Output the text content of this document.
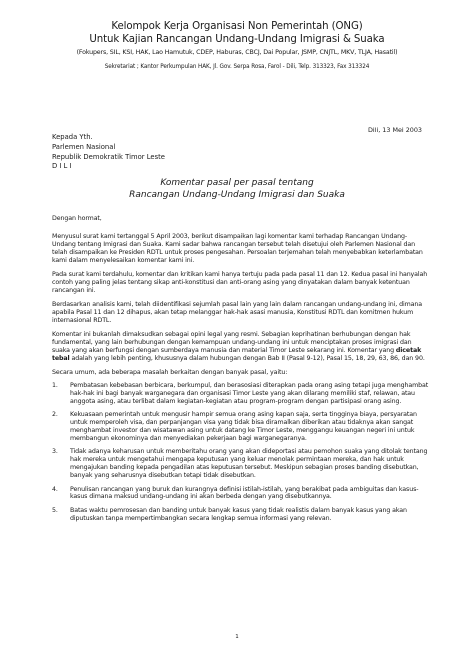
Kelompok Kerja Organisasi Non Pemerintah (ONG)
Untuk Kajian Rancangan Undang-Undang Imigrasi & Suaka
(Fokupers, SIL, KSI, HAK, Lao Hamutuk, CDEP, Haburas, CBCJ, Dai Popular, JSMP, CNJTL, MKV, TLJA, Hasatil)
Sekretariat ; Kantor Perkumpulan HAK, Jl. Gov. Serpa Rosa, Farol - Dili, Telp. 313323, Fax 313324
Dili, 13 Mei 2003
Kepada Yth.
Parlemen Nasional
Republik Demokratik Timor Leste
D I L I
Komentar pasal per pasal tentang
Rancangan Undang-Undang Imigrasi dan Suaka

Dengan hormat,

Menyusul surat kami tertanggal 5 April 2003, berikut disampaikan lagi komentar kami terhadap Rancangan Undang-Undang tentang Imigrasi dan Suaka. Kami sadar bahwa rancangan tersebut telah disetujui oleh Parlemen Nasional dan telah disampaikan ke Presiden RDTL untuk proses pengesahan. Persoalan terjemahan telah menyebabkan keterlambatan kami dalam menyelesaikan komentar kami ini.

Pada surat kami terdahulu, komentar dan kritikan kami hanya tertuju pada pada pasal 11 dan 12. Kedua pasal ini hanyalah contoh yang paling jelas tentang sikap anti-konstitusi dan anti-orang asing yang dinyatakan dalam banyak ketentuan rancangan ini.

Berdasarkan analisis kami, telah diidentifikasi sejumlah pasal lain yang lain dalam rancangan undang-undang ini, dimana apabila Pasal 11 dan 12 dihapus, akan tetap melanggar hak-hak asasi manusia, Konstitusi RDTL dan komitmen hukum internasional RDTL.

Komentar ini bukanlah dimaksudkan sebagai opini legal yang resmi. Sebagian keprihatinan berhubungan dengan hak fundamental, yang lain berhubungan dengan kemampuan undang-undang ini untuk menciptakan proses imigrasi dan suaka yang akan berfungsi dengan sumberdaya manusia dan material Timor Leste sekarang ini. Komentar yang dicetak tebal adalah yang lebih penting, khususnya dalam hubungan dengan Bab II (Pasal 9-12), Pasal 15, 18, 29, 63, 86, dan 90.

Secara umum, ada beberapa masalah berkaitan dengan banyak pasal, yaitu:

1. Pembatasan kebebasan berbicara, berkumpul, dan berasosiasi diterapkan pada orang asing tetapi juga menghambat hak-hak ini bagi banyak warganegara dan organisasi Timor Leste yang akan dilarang memiliki staf, relawan, atau anggota asing, atau terlibat dalam kegiatan-kegiatan atau program-program dengan partisipasi orang asing.
2. Kekuasaan pemerintah untuk mengusir hampir semua orang asing kapan saja, serta tingginya biaya, persyaratan untuk memperoleh visa, dan perpanjangan visa yang tidak bisa diramalkan diberikan atau tidaknya akan sangat menghambat investor dan wisatawan asing untuk datang ke Timor Leste, menggangu keuangan negeri ini untuk membangun ekonominya dan menyediakan pekerjaan bagi warganegaranya.
3. Tidak adanya keharusan untuk memberitahu orang yang akan dideportasi atau pemohon suaka yang ditolak tentang hak mereka untuk mengetahui mengapa keputusan yang keluar menolak permintaan mereka, dan hak untuk mengajukan banding kepada pengadilan atas keputusan tersebut. Meskipun sebagian proses banding disebutkan, banyak yang seharusnya disebutkan tetapi tidak disebutkan.
4. Penulisan rancangan yang buruk dan kurangnya definisi istilah-istilah, yang berakibat pada ambiguitas dan kasus-kasus dimana maksud undang-undang ini akan berbeda dengan yang disebutkannya.
5. Batas waktu pemrosesan dan banding untuk banyak kasus yang tidak realistis dalam banyak kasus yang akan diputuskan tanpa mempertimbangkan secara lengkap semua informasi yang relevan.
1
